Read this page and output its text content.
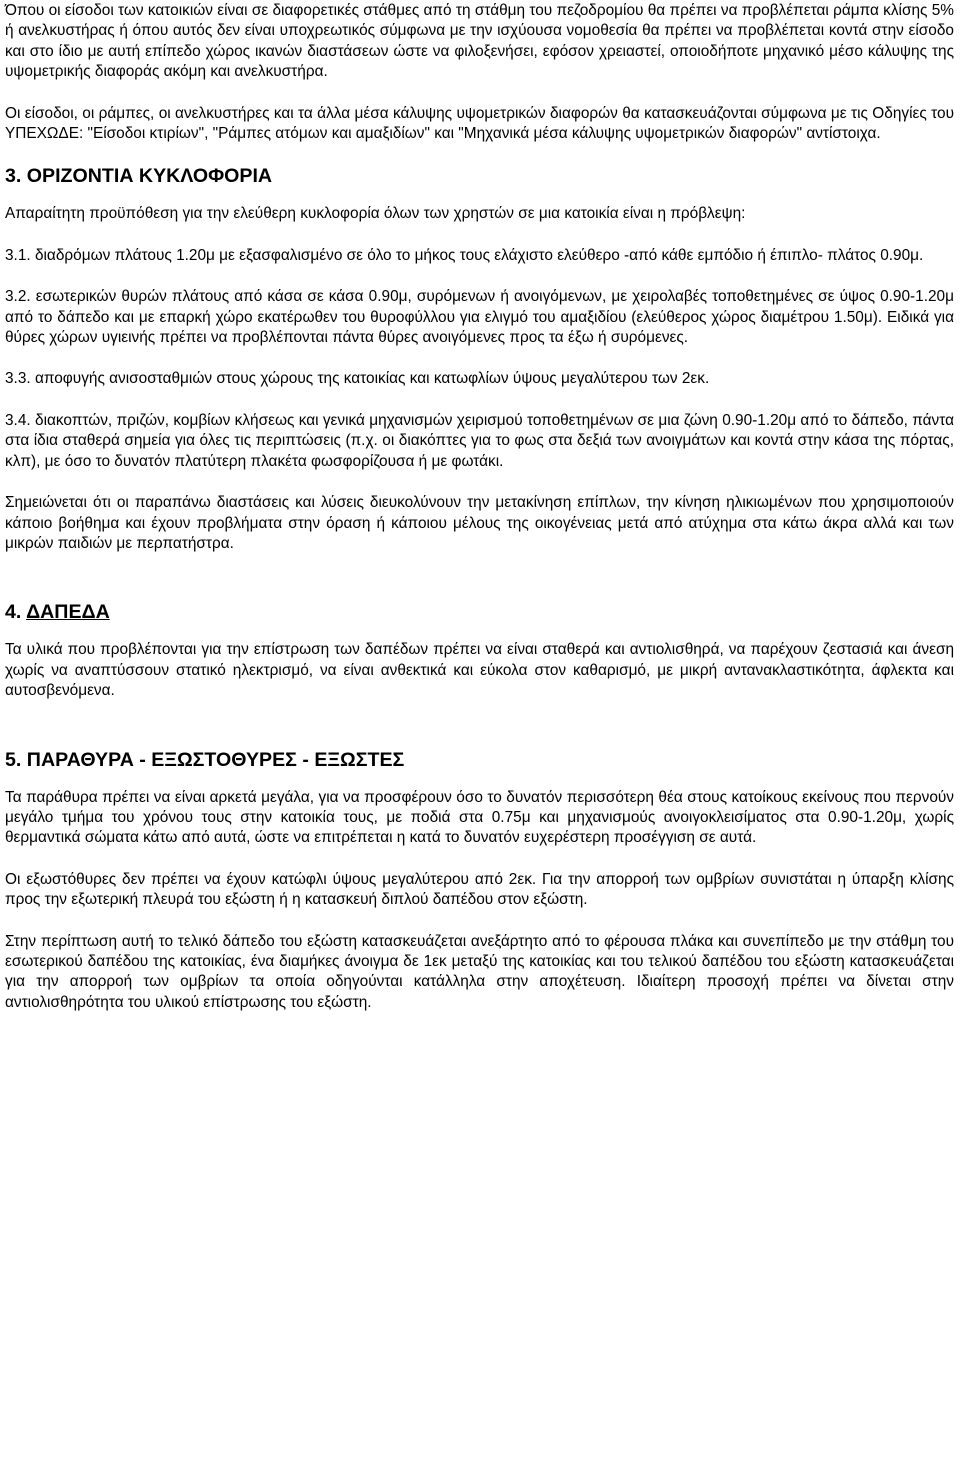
Όπου οι είσοδοι των κατοικιών είναι σε διαφορετικές στάθμες από τη στάθμη του πεζοδρομίου θα πρέπει να προβλέπεται ράμπα κλίσης 5% ή ανελκυστήρας ή όπου αυτός δεν είναι υποχρεωτικός σύμφωνα με την ισχύουσα νομοθεσία θα πρέπει να προβλέπεται κοντά στην είσοδο και στο ίδιο με αυτή επίπεδο χώρος ικανών διαστάσεων ώστε να φιλοξενήσει, εφόσον χρειαστεί, οποιοδήποτε μηχανικό μέσο κάλυψης της υψομετρικής διαφοράς ακόμη και ανελκυστήρα.

Οι είσοδοι, οι ράμπες, οι ανελκυστήρες και τα άλλα μέσα κάλυψης υψομετρικών διαφορών θα κατασκευάζονται σύμφωνα με τις Οδηγίες του ΥΠΕΧΩΔΕ: "Είσοδοι κτιρίων", "Ράμπες ατόμων και αμαξιδίων" και "Μηχανικά μέσα κάλυψης υψομετρικών διαφορών" αντίστοιχα.

3. ΟΡΙΖΟΝΤΙΑ ΚΥΚΛΟΦΟΡΙΑ

Απαραίτητη προϋπόθεση για την ελεύθερη κυκλοφορία όλων των χρηστών σε μια κατοικία είναι η πρόβλεψη:

3.1. διαδρόμων πλάτους 1.20μ με εξασφαλισμένο σε όλο το μήκος τους ελάχιστο ελεύθερο -από κάθε εμπόδιο ή έπιπλο- πλάτος 0.90μ.

3.2. εσωτερικών θυρών πλάτους από κάσα σε κάσα 0.90μ, συρόμενων ή ανοιγόμενων, με χειρολαβές τοποθετημένες σε ύψος 0.90-1.20μ από το δάπεδο και με επαρκή χώρο εκατέρωθεν του θυροφύλλου για ελιγμό του αμαξιδίου (ελεύθερος χώρος διαμέτρου 1.50μ). Ειδικά για θύρες χώρων υγιεινής πρέπει να προβλέπονται πάντα θύρες ανοιγόμενες προς τα έξω ή συρόμενες.

3.3. αποφυγής ανισοσταθμιών στους χώρους της κατοικίας και κατωφλίων ύψους μεγαλύτερου των 2εκ.

3.4. διακοπτών, πριζών, κομβίων κλήσεως και γενικά μηχανισμών χειρισμού τοποθετημένων σε μια ζώνη 0.90-1.20μ από το δάπεδο, πάντα στα ίδια σταθερά σημεία για όλες τις περιπτώσεις (π.χ. οι διακόπτες για το φως στα δεξιά των ανοιγμάτων και κοντά στην κάσα της πόρτας, κλπ), με όσο το δυνατόν πλατύτερη πλακέτα φωσφορίζουσα ή με φωτάκι.

Σημειώνεται ότι οι παραπάνω διαστάσεις και λύσεις διευκολύνουν την μετακίνηση επίπλων, την κίνηση ηλικιωμένων που χρησιμοποιούν κάποιο βοήθημα και έχουν προβλήματα στην όραση ή κάποιου μέλους της οικογένειας μετά από ατύχημα στα κάτω άκρα αλλά και των μικρών παιδιών με περπατήστρα.

4. ΔΑΠΕΔΑ

Τα υλικά που προβλέπονται για την επίστρωση των δαπέδων πρέπει να είναι σταθερά και αντιολισθηρά, να παρέχουν ζεστασιά και άνεση χωρίς να αναπτύσσουν στατικό ηλεκτρισμό, να είναι ανθεκτικά και εύκολα στον καθαρισμό, με μικρή αντανακλαστικότητα, άφλεκτα και αυτοσβενόμενα.

5. ΠΑΡΑΘΥΡΑ - ΕΞΩΣΤΟΘΥΡΕΣ - ΕΞΩΣΤΕΣ

Τα παράθυρα πρέπει να είναι αρκετά μεγάλα, για να προσφέρουν όσο το δυνατόν περισσότερη θέα στους κατοίκους εκείνους που περνούν μεγάλο τμήμα του χρόνου τους στην κατοικία τους, με ποδιά στα 0.75μ και μηχανισμούς ανοιγοκλεισίματος στα 0.90-1.20μ, χωρίς θερμαντικά σώματα κάτω από αυτά, ώστε να επιτρέπεται η κατά το δυνατόν ευχερέστερη προσέγγιση σε αυτά.

Οι εξωστόθυρες δεν πρέπει να έχουν κατώφλι ύψους μεγαλύτερου από 2εκ. Για την απορροή των ομβρίων συνιστάται η ύπαρξη κλίσης προς την εξωτερική πλευρά του εξώστη ή η κατασκευή διπλού δαπέδου στον εξώστη.

Στην περίπτωση αυτή το τελικό δάπεδο του εξώστη κατασκευάζεται ανεξάρτητο από το φέρουσα πλάκα και συνεπίπεδο με την στάθμη του εσωτερικού δαπέδου της κατοικίας, ένα διαμήκες άνοιγμα δε 1εκ μεταξύ της κατοικίας και του τελικού δαπέδου του εξώστη κατασκευάζεται για την απορροή των ομβρίων τα οποία οδηγούνται κατάλληλα στην αποχέτευση. Ιδιαίτερη προσοχή πρέπει να δίνεται στην αντιολισθηρότητα του υλικού επίστρωσης του εξώστη.
